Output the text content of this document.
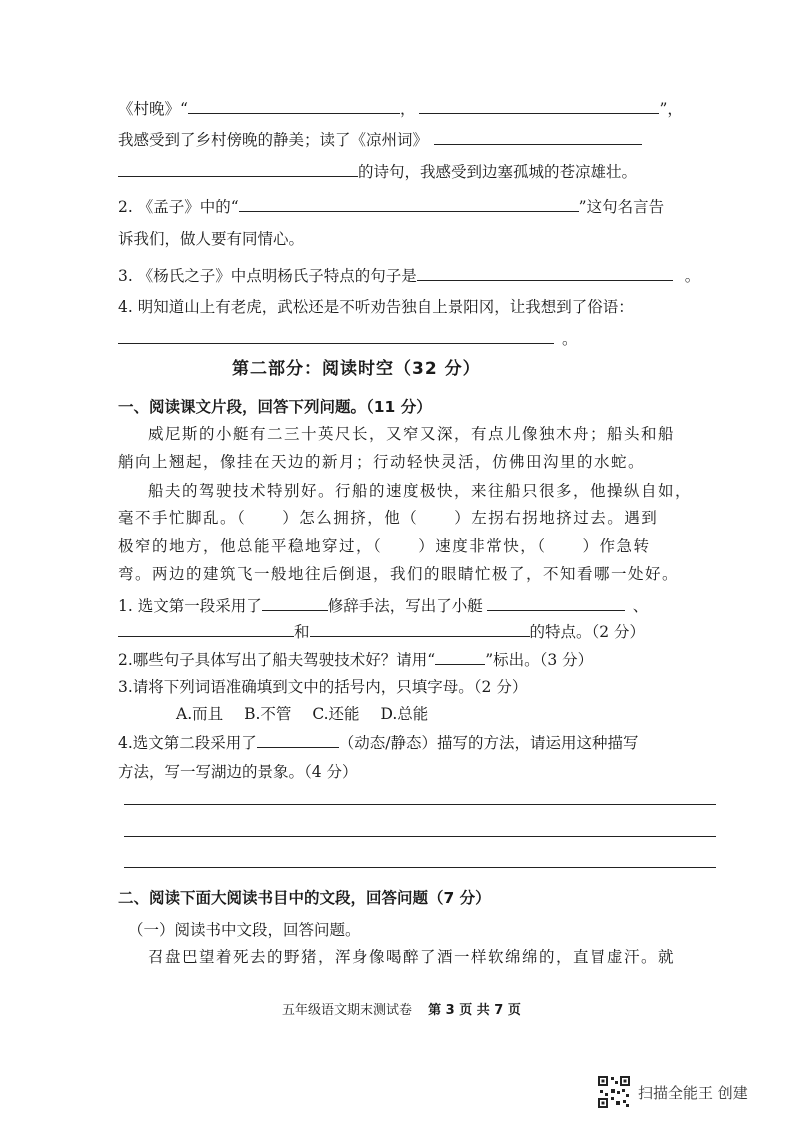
《村晚》“	，	”，
我感受到了乡村傍晚的静美；读了《凉州词》
的诗句，我感受到边塞孤城的苍凉雄壮。
2. 《孟子》中的“	”这句名言告
诉我们，做人要有同情心。
3. 《杨氏之子》中点明杨氏子特点的句子是	。
4. 明知道山上有老虎，武松还是不听劝告独自上景阳冈，让我想到了俗语：
。
第二部分：阅读时空（32 分）
一、阅读课文片段，回答下列问题。（11 分）
威尼斯的小艇有二三十英尺长，又窄又深，有点儿像独木舟；船头和船
艄向上翘起，像挂在天边的新月；行动轻快灵活，仿佛田沟里的水蛇。
船夫的驾驶技术特别好。行船的速度极快，来往船只很多，他操纵自如，
毫不手忙脚乱。（ ）怎么拥挤，他（ ）左拐右拐地挤过去。遇到
极窄的地方，他总能平稳地穿过，（ ）速度非常快，（ ）作急转
弯。两边的建筑飞一般地往后倒退，我们的眼睛忙极了，不知看哪一处好。
1. 选文第一段采用了	修辞手法，写出了小艇	、
和	的特点。（2 分）
2.哪些句子具体写出了船夫驾驶技术好？请用“	”标出。（3 分）
3.请将下列词语准确填到文中的括号内，只填字母。（2 分）
A.而且 B.不管 C.还能 D.总能
4.选文第二段采用了	（动态/静态）描写的方法，请运用这种描写
方法，写一写湖边的景象。（4 分）
二、阅读下面大阅读书目中的文段，回答问题（7 分）
（一）阅读书中文段，回答问题。
召盘巴望着死去的野猪，浑身像喝醉了酒一样软绵绵的，直冒虚汗。就
五年级语文期末测试卷 第 3 页 共 7 页
扫描全能王 创建
